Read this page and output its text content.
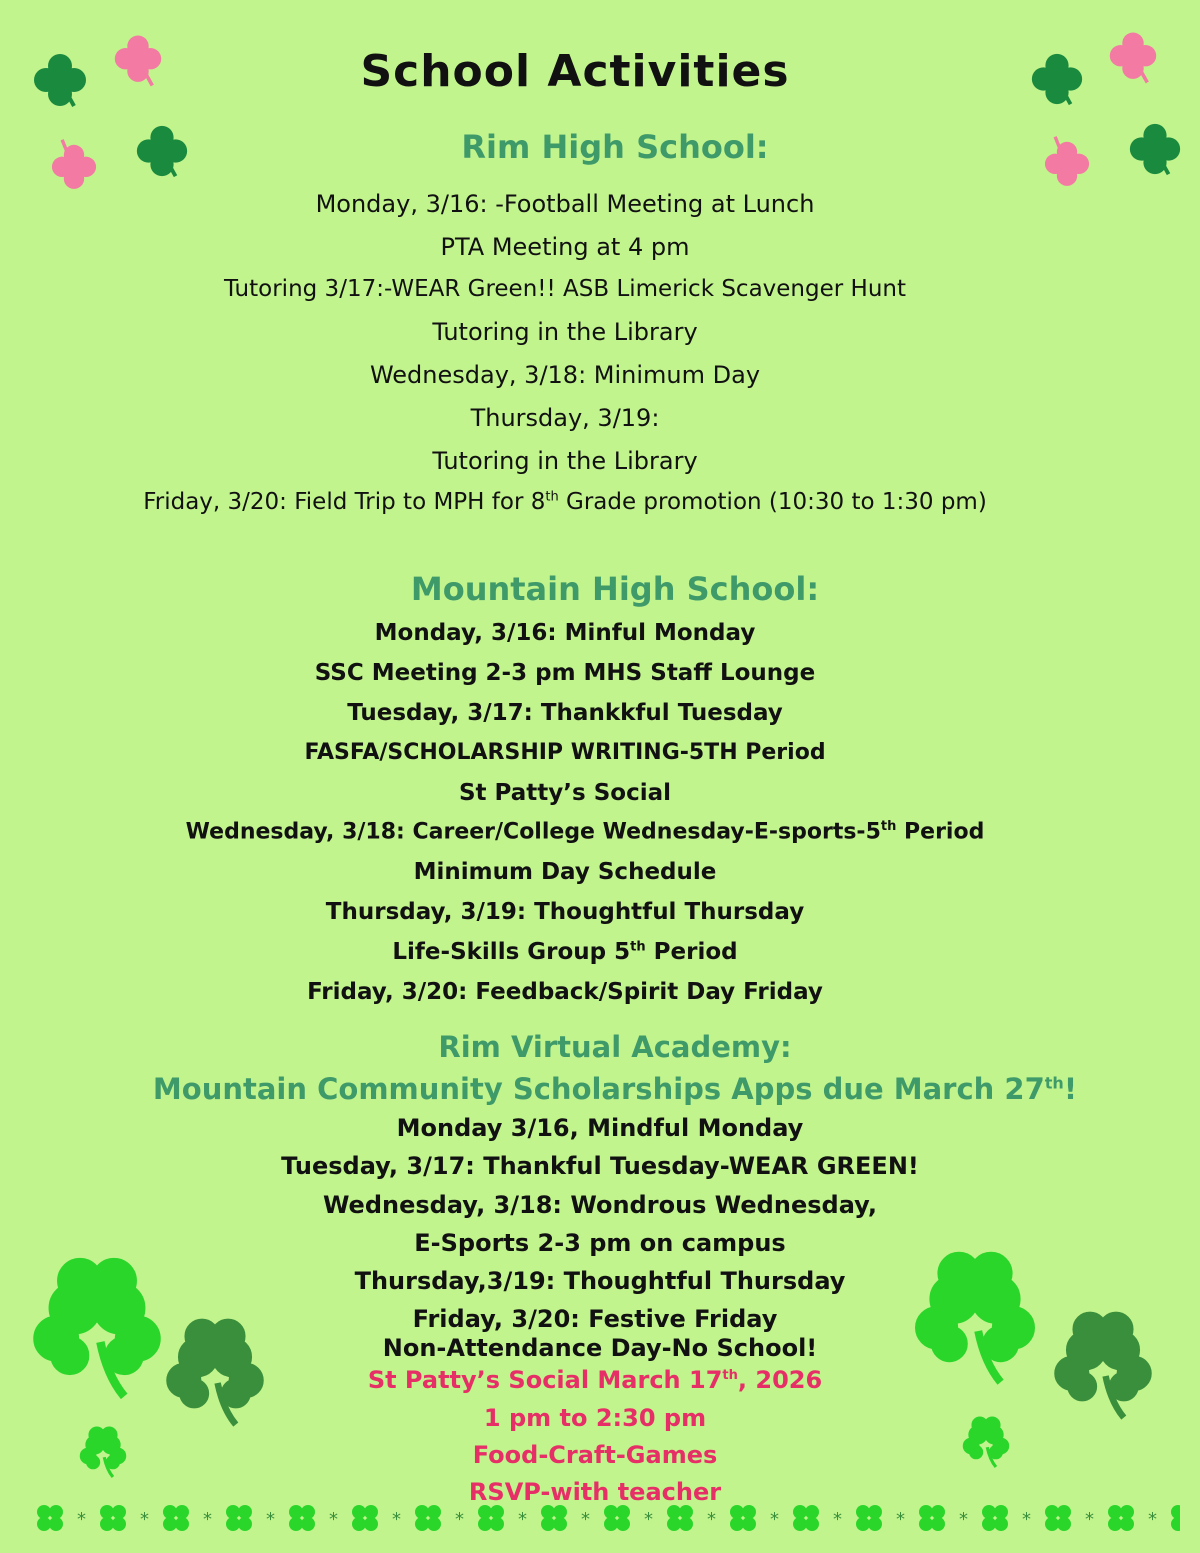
*	*	*	*	*	*	*	*	*	*	*	*	*	*	*	*	*	*
School Activities
Rim High School:
Monday, 3/16: -Football Meeting at Lunch
PTA Meeting at 4 pm
Tutoring 3/17:-WEAR Green!! ASB Limerick Scavenger Hunt
Tutoring in the Library
Wednesday, 3/18: Minimum Day
Thursday, 3/19:
Tutoring in the Library
Friday, 3/20: Field Trip to MPH for 8th Grade promotion (10:30 to 1:30 pm)
Mountain High School:
Monday, 3/16: Minful Monday
SSC Meeting 2-3 pm MHS Staff Lounge
Tuesday, 3/17: Thankkful Tuesday
FASFA/SCHOLARSHIP WRITING-5TH Period
St Patty’s Social
Wednesday, 3/18: Career/College Wednesday-E-sports-5th Period
Minimum Day Schedule
Thursday, 3/19: Thoughtful Thursday
Life-Skills Group 5th Period
Friday, 3/20: Feedback/Spirit Day Friday
Rim Virtual Academy:
Mountain Community Scholarships Apps due March 27th!
Monday 3/16, Mindful Monday
Tuesday, 3/17: Thankful Tuesday-WEAR GREEN!
Wednesday, 3/18: Wondrous Wednesday,
E-Sports 2-3 pm on campus
Thursday,3/19: Thoughtful Thursday
Friday, 3/20: Festive Friday
Non-Attendance Day-No School!
St Patty’s Social March 17th, 2026
1 pm to 2:30 pm
Food-Craft-Games
RSVP-with teacher
